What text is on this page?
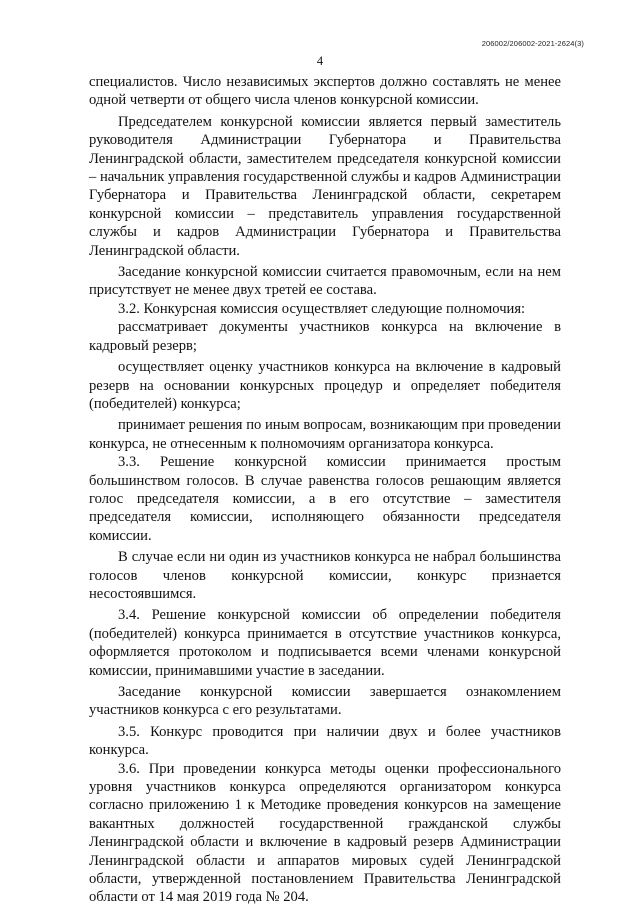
206002/206002-2021-2624(3)
4

специалистов. Число независимых экспертов должно составлять не менее одной четверти от общего числа членов конкурсной комиссии.

Председателем конкурсной комиссии является первый заместитель руководителя Администрации Губернатора и Правительства Ленинградской области, заместителем председателя конкурсной комиссии – начальник управления государственной службы и кадров Администрации Губернатора и Правительства Ленинградской области, секретарем конкурсной комиссии – представитель управления государственной службы и кадров Администрации Губернатора и Правительства Ленинградской области.

Заседание конкурсной комиссии считается правомочным, если на нем присутствует не менее двух третей ее состава.

3.2. Конкурсная комиссия осуществляет следующие полномочия:

рассматривает документы участников конкурса на включение в кадровый резерв;

осуществляет оценку участников конкурса на включение в кадровый резерв на основании конкурсных процедур и определяет победителя (победителей) конкурса;

принимает решения по иным вопросам, возникающим при проведении конкурса, не отнесенным к полномочиям организатора конкурса.

3.3. Решение конкурсной комиссии принимается простым большинством голосов. В случае равенства голосов решающим является голос председателя комиссии, а в его отсутствие – заместителя председателя комиссии, исполняющего обязанности председателя комиссии.

В случае если ни один из участников конкурса не набрал большинства голосов членов конкурсной комиссии, конкурс признается несостоявшимся.

3.4. Решение конкурсной комиссии об определении победителя (победителей) конкурса принимается в отсутствие участников конкурса, оформляется протоколом и подписывается всеми членами конкурсной комиссии, принимавшими участие в заседании.

Заседание конкурсной комиссии завершается ознакомлением участников конкурса с его результатами.

3.5. Конкурс проводится при наличии двух и более участников конкурса.

3.6. При проведении конкурса методы оценки профессионального уровня участников конкурса определяются организатором конкурса согласно приложению 1 к Методике проведения конкурсов на замещение вакантных должностей государственной гражданской службы Ленинградской области и включение в кадровый резерв Администрации Ленинградской области и аппаратов мировых судей Ленинградской области, утвержденной постановлением Правительства Ленинградской области от 14 мая 2019 года № 204.
